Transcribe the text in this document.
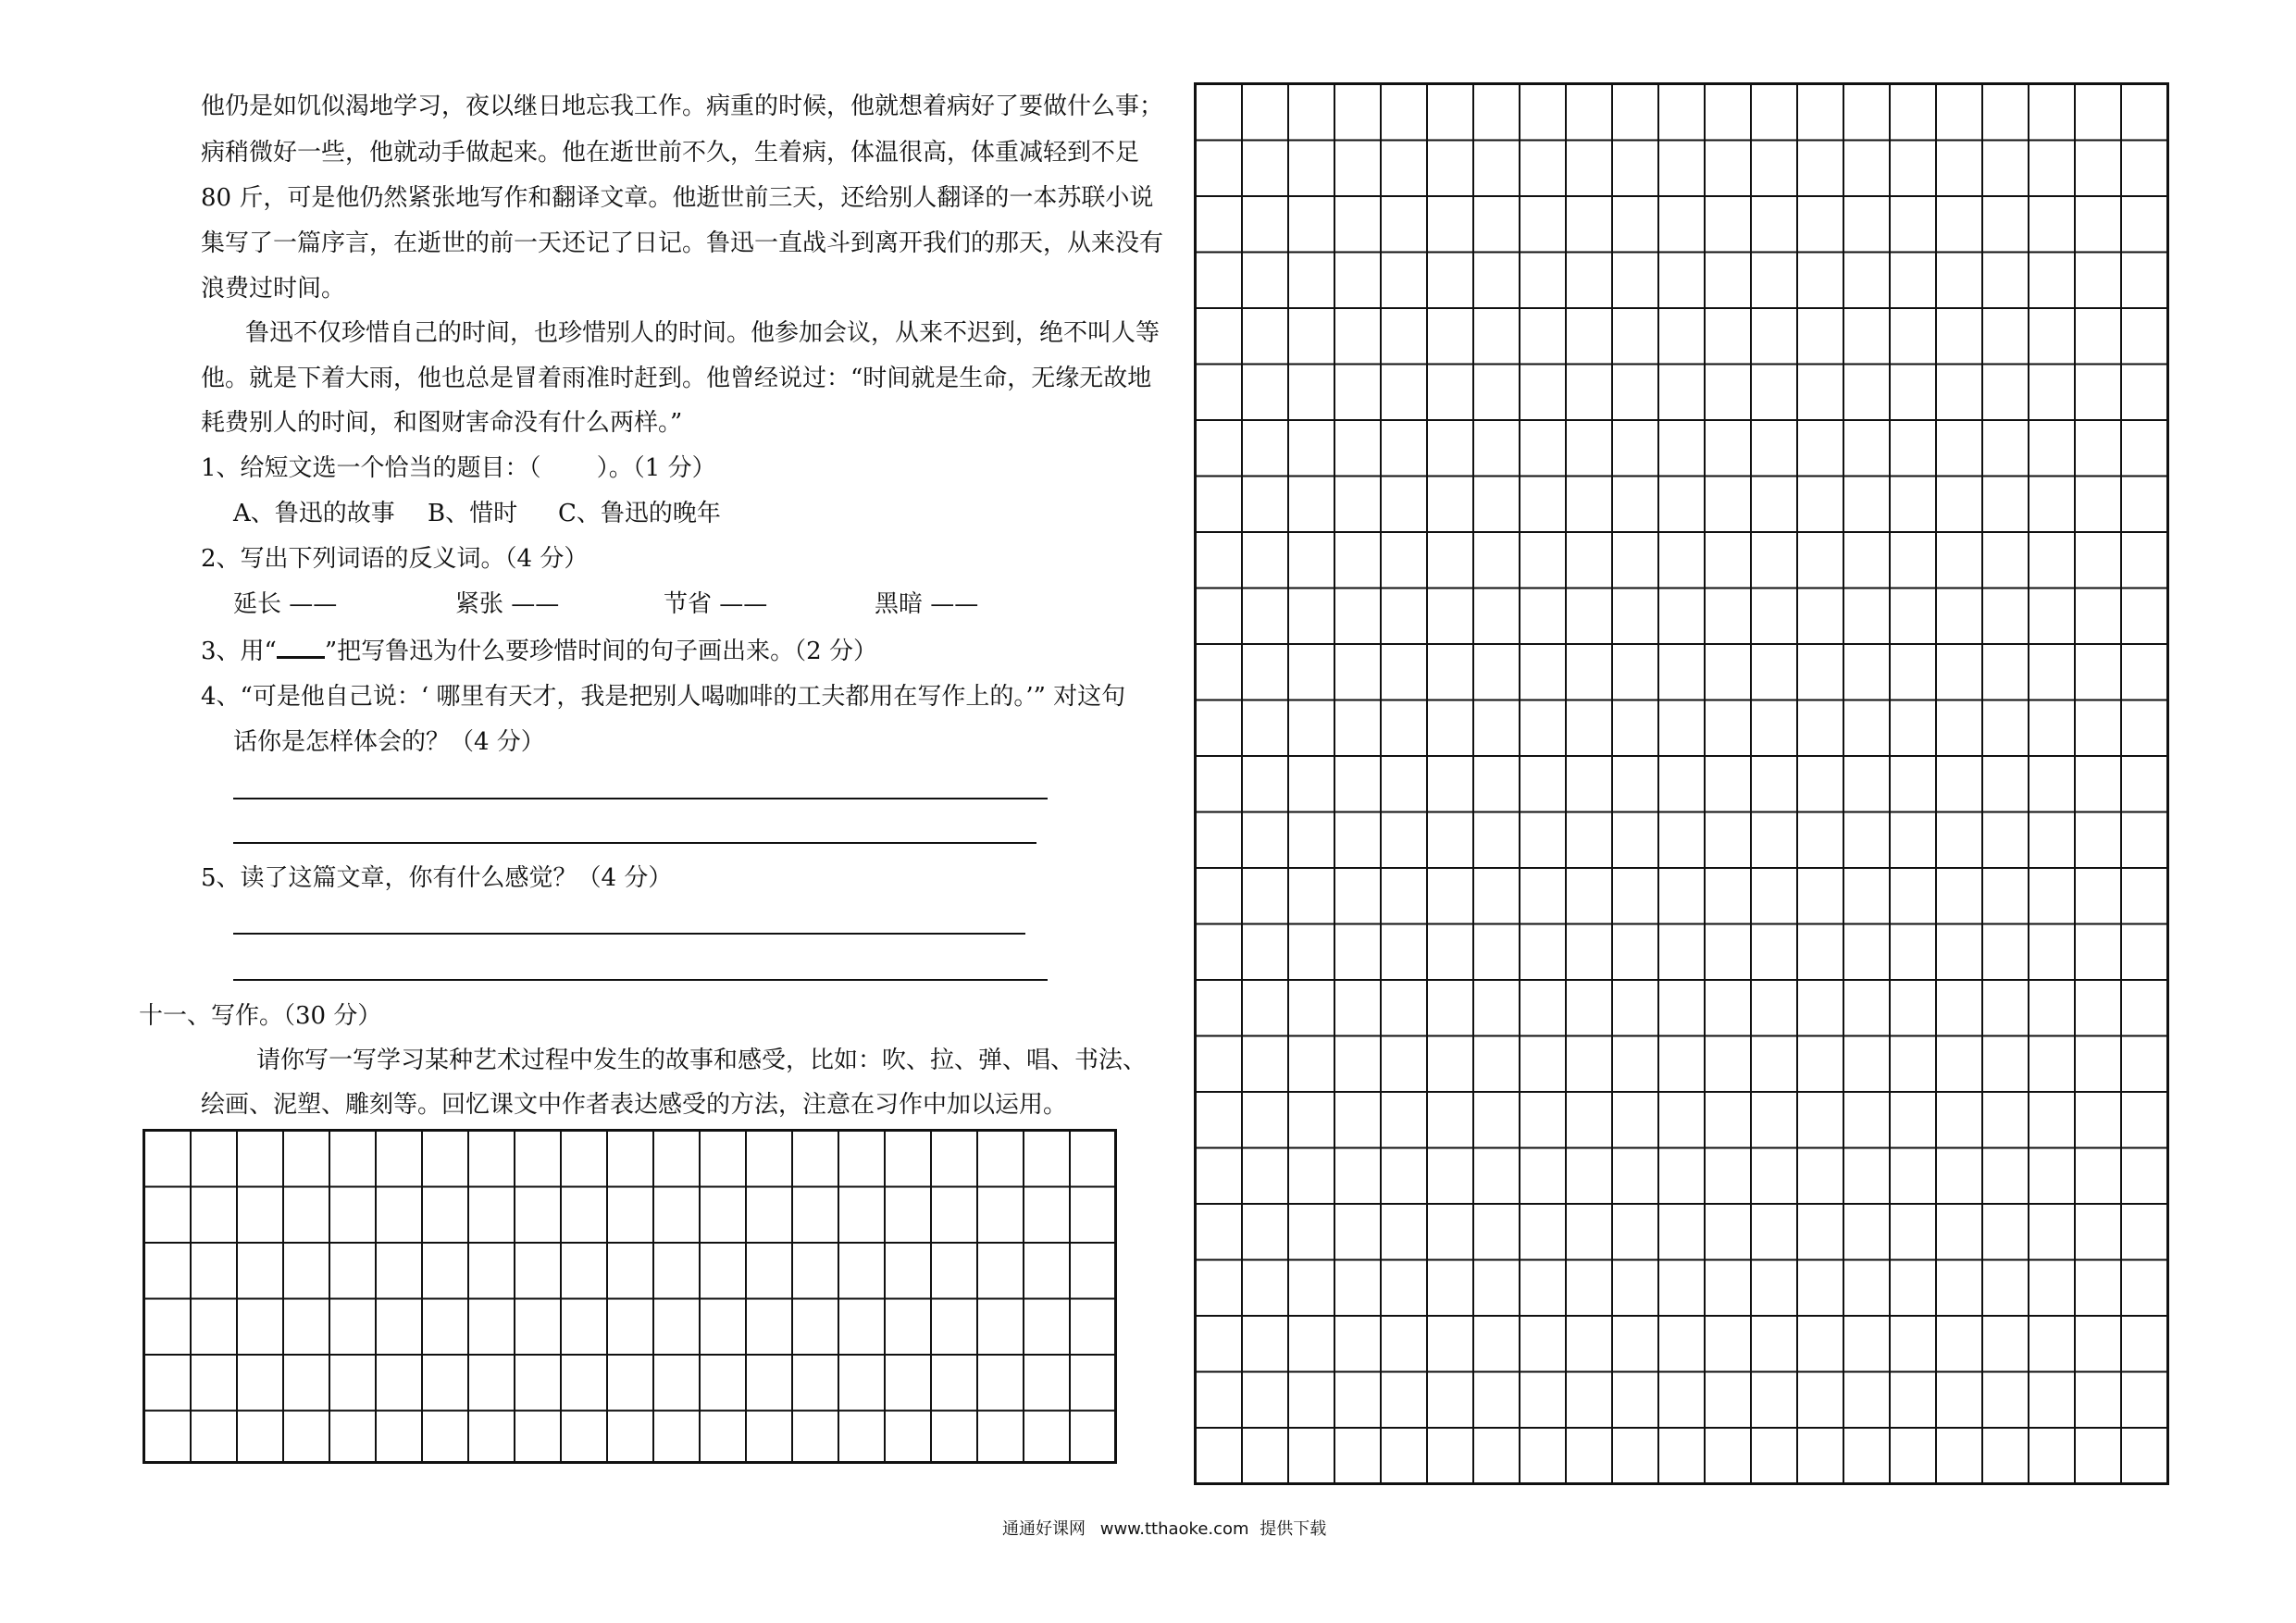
他仍是如饥似渴地学习，夜以继日地忘我工作。病重的时候，他就想着病好了要做什么事；
病稍微好一些，他就动手做起来。他在逝世前不久，生着病，体温很高，体重减轻到不足
80 斤，可是他仍然紧张地写作和翻译文章。他逝世前三天，还给别人翻译的一本苏联小说
集写了一篇序言，在逝世的前一天还记了日记。鲁迅一直战斗到离开我们的那天，从来没有
浪费过时间。
鲁迅不仅珍惜自己的时间，也珍惜别人的时间。他参加会议，从来不迟到，绝不叫人等
他。就是下着大雨，他也总是冒着雨准时赶到。他曾经说过：“时间就是生命，无缘无故地
耗费别人的时间，和图财害命没有什么两样。”
1、给短文选一个恰当的题目：（　　 ）。（1 分）
A、鲁迅的故事 B、惜时 C、鲁迅的晚年
2、写出下列词语的反义词。（4 分）
延长 ——	紧张 ——	节省 ——	黑暗 ——
3、用“ ”把写鲁迅为什么要珍惜时间的句子画出来。（2 分）
4、“可是他自己说：‘ 哪里有天才，我是把别人喝咖啡的工夫都用在写作上的。’” 对这句
话你是怎样体会的？（4 分）
5、读了这篇文章，你有什么感觉？（4 分）
十一、写作。（30 分）
请你写一写学习某种艺术过程中发生的故事和感受，比如：吹、拉、弹、唱、书法、
绘画、泥塑、雕刻等。回忆课文中作者表达感受的方法，注意在习作中加以运用。
通通好课网 www.tthaoke.com 提供下载
